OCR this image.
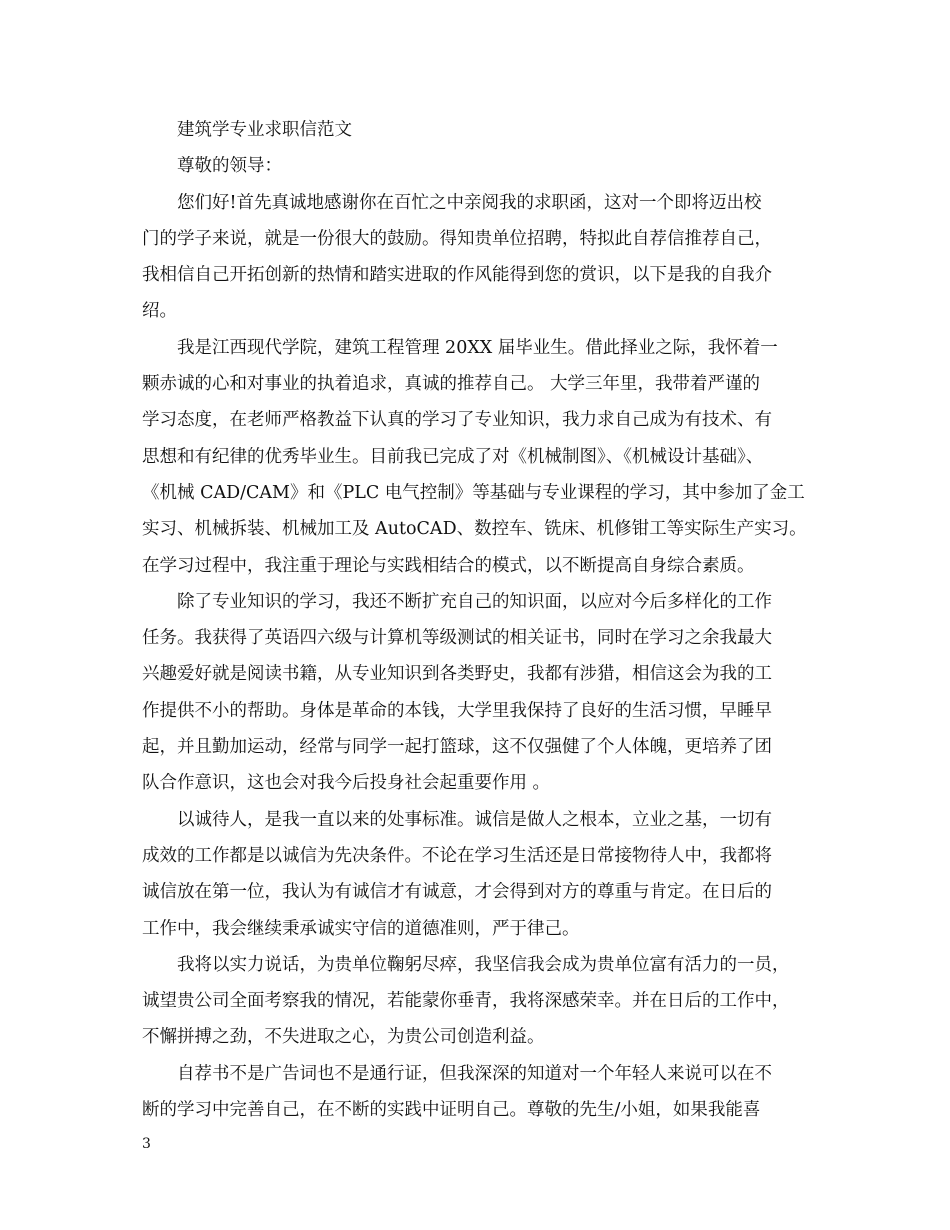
建筑学专业求职信范文
尊敬的领导：
您们好!首先真诚地感谢你在百忙之中亲阅我的求职函，这对一个即将迈出校
门的学子来说，就是一份很大的鼓励。得知贵单位招聘，特拟此自荐信推荐自己，
我相信自己开拓创新的热情和踏实进取的作风能得到您的赏识，以下是我的自我介
绍。
我是江西现代学院，建筑工程管理 20XX 届毕业生。借此择业之际，我怀着一
颗赤诚的心和对事业的执着追求，真诚的推荐自己。 大学三年里，我带着严谨的
学习态度，在老师严格教益下认真的学习了专业知识，我力求自己成为有技术、有
思想和有纪律的优秀毕业生。目前我已完成了对《机械制图》、《机械设计基础》、
《机械 CAD/CAM》和《PLC 电气控制》等基础与专业课程的学习，其中参加了金工
实习、机械拆装、机械加工及 AutoCAD、数控车、铣床、机修钳工等实际生产实习。
在学习过程中，我注重于理论与实践相结合的模式，以不断提高自身综合素质。
除了专业知识的学习，我还不断扩充自己的知识面，以应对今后多样化的工作
任务。我获得了英语四六级与计算机等级测试的相关证书，同时在学习之余我最大
兴趣爱好就是阅读书籍，从专业知识到各类野史，我都有涉猎，相信这会为我的工
作提供不小的帮助。身体是革命的本钱，大学里我保持了良好的生活习惯，早睡早
起，并且勤加运动，经常与同学一起打篮球，这不仅强健了个人体魄，更培养了团
队合作意识，这也会对我今后投身社会起重要作用 。
以诚待人，是我一直以来的处事标准。诚信是做人之根本，立业之基，一切有
成效的工作都是以诚信为先决条件。不论在学习生活还是日常接物待人中，我都将
诚信放在第一位，我认为有诚信才有诚意，才会得到对方的尊重与肯定。在日后的
工作中，我会继续秉承诚实守信的道德准则，严于律己。
我将以实力说话，为贵单位鞠躬尽瘁，我坚信我会成为贵单位富有活力的一员，
诚望贵公司全面考察我的情况，若能蒙你垂青，我将深感荣幸。并在日后的工作中，
不懈拼搏之劲，不失进取之心，为贵公司创造利益。
自荐书不是广告词也不是通行证，但我深深的知道对一个年轻人来说可以在不
断的学习中完善自己，在不断的实践中证明自己。尊敬的先生/小姐，如果我能喜
3
